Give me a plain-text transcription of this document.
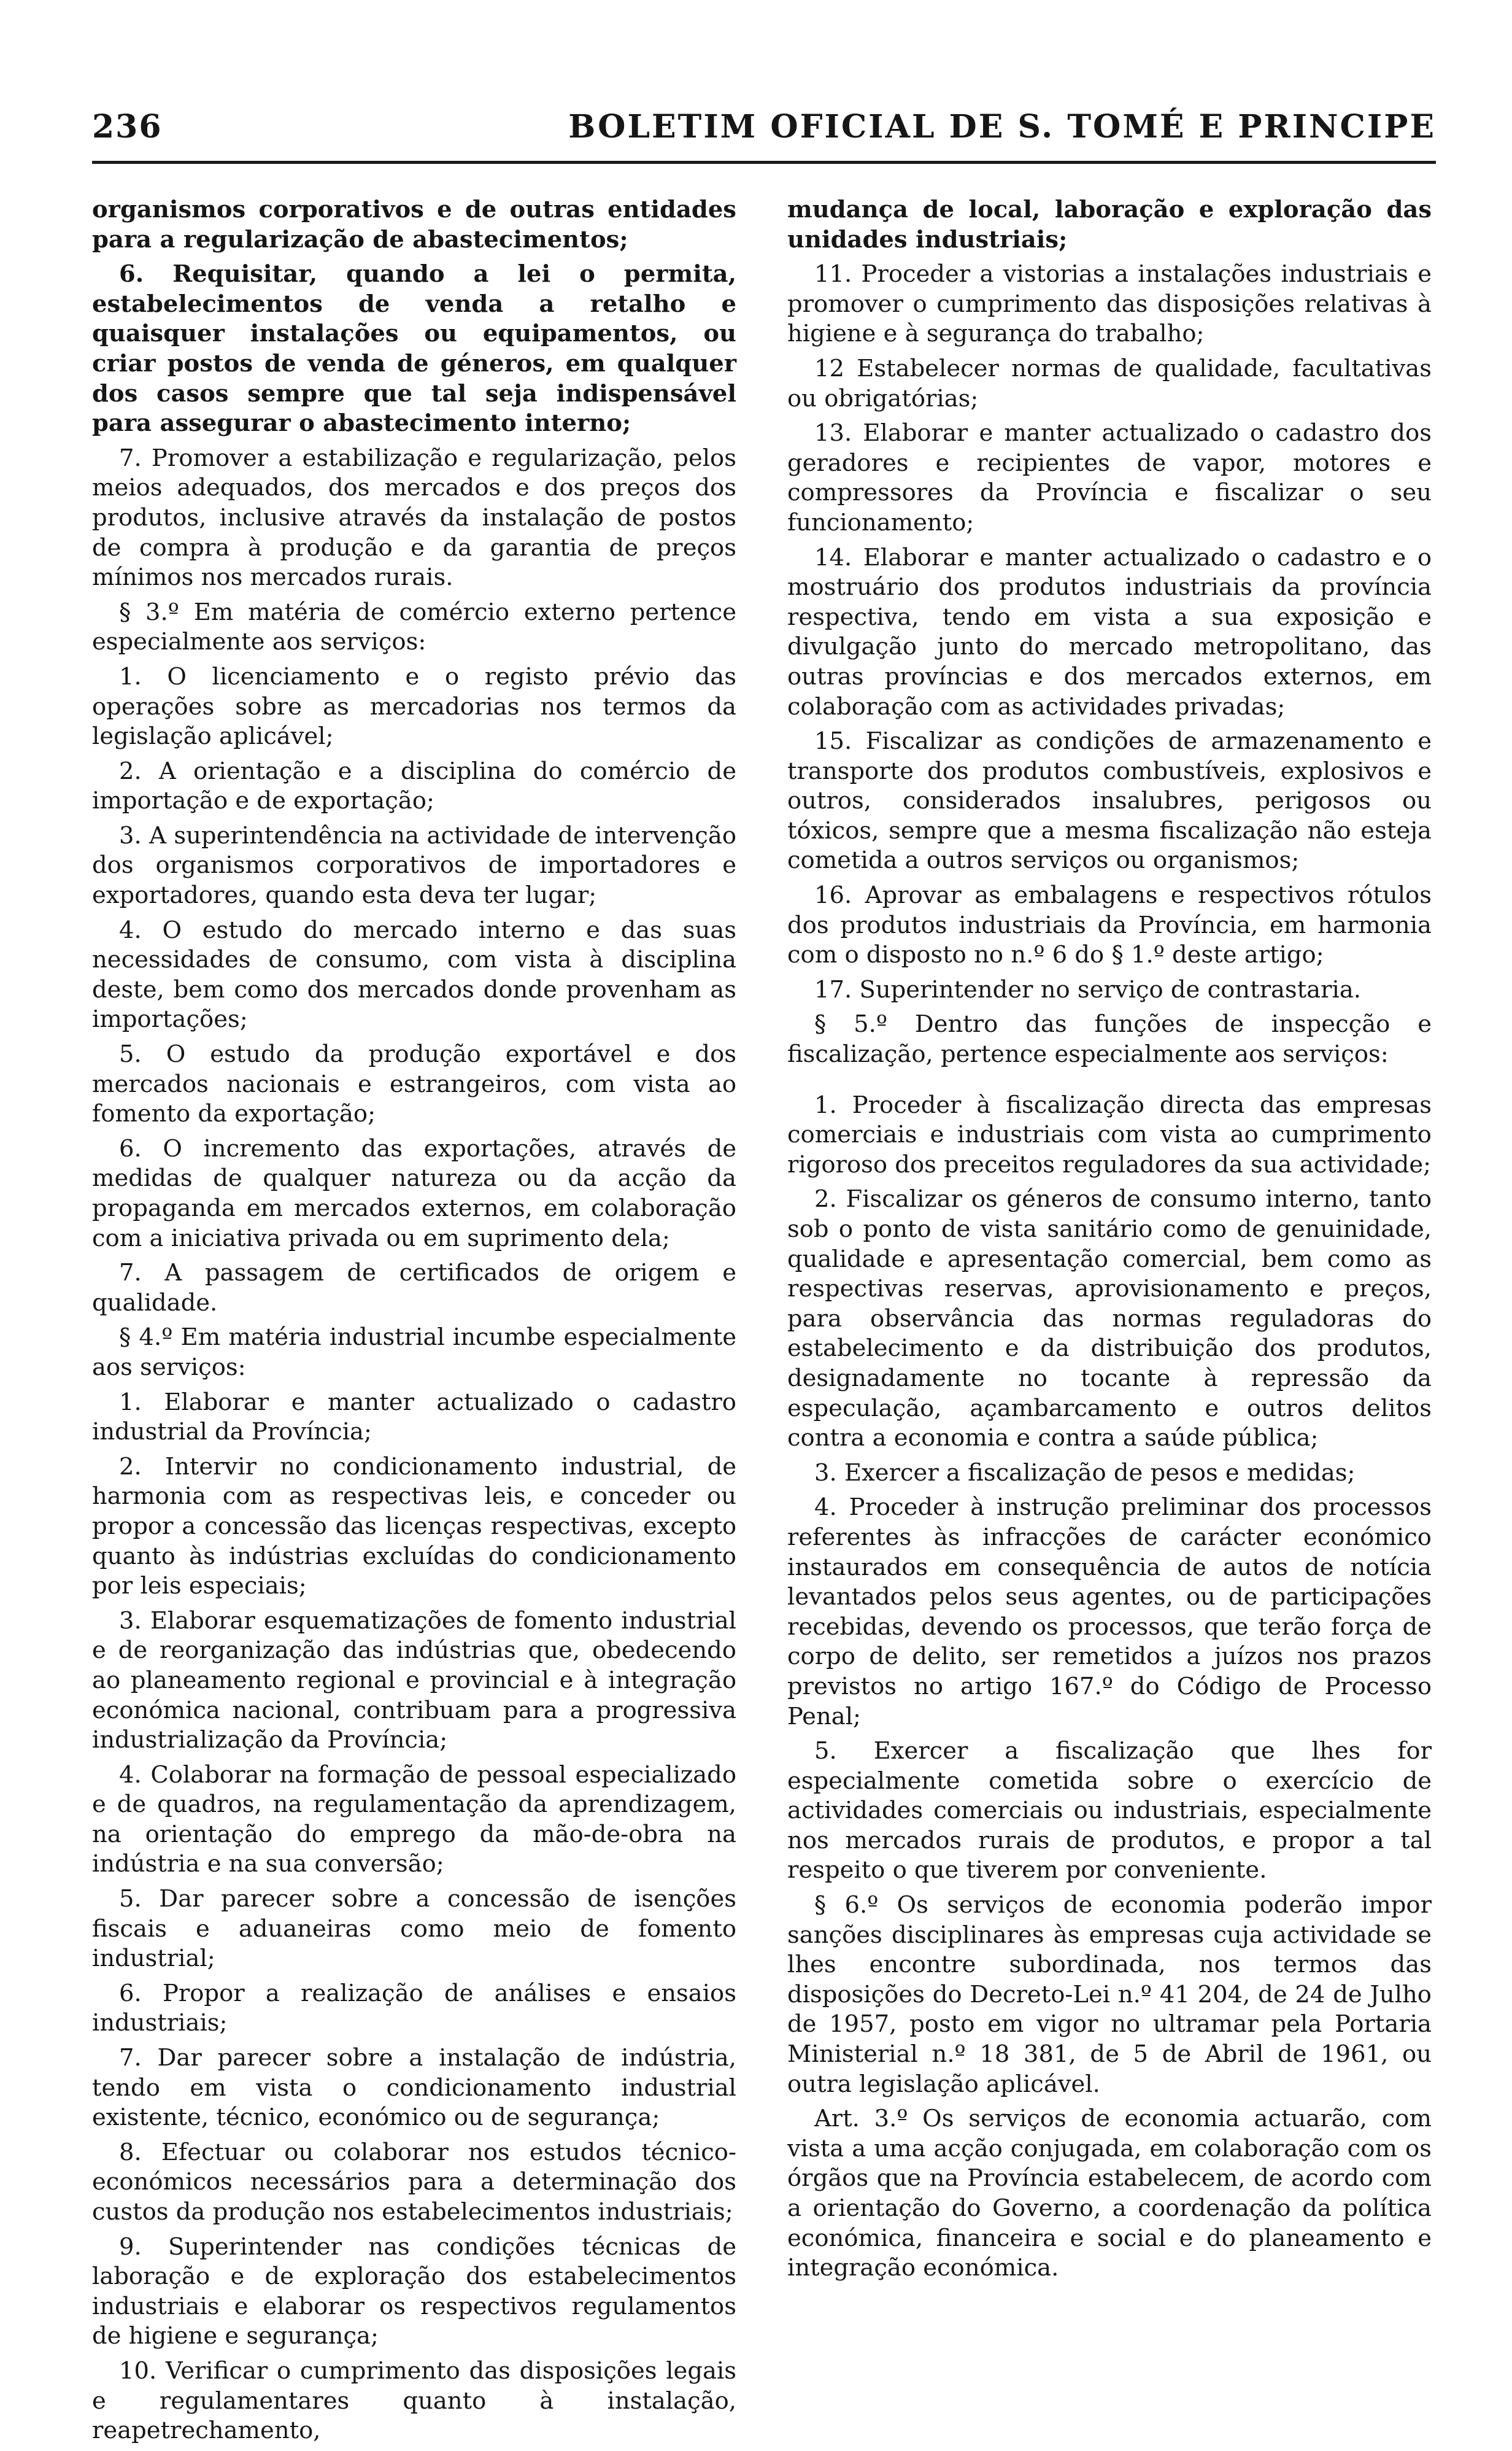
236	BOLETIM OFICIAL DE S. TOMÉ E PRINCIPE

organismos corporativos e de outras entidades para a regularização de abastecimentos;

6. Requisitar, quando a lei o permita, estabelecimentos de venda a retalho e quaisquer instalações ou equipamentos, ou criar postos de venda de géneros, em qualquer dos casos sempre que tal seja indispensável para assegurar o abastecimento interno;

7. Promover a estabilização e regularização, pelos meios adequados, dos mercados e dos preços dos produtos, inclusive através da instalação de postos de compra à produção e da garantia de preços mínimos nos mercados rurais.

§ 3.º Em matéria de comércio externo pertence especialmente aos serviços:

1. O licenciamento e o registo prévio das operações sobre as mercadorias nos termos da legislação aplicável;

2. A orientação e a disciplina do comércio de importação e de exportação;

3. A superintendência na actividade de intervenção dos organismos corporativos de importadores e exportadores, quando esta deva ter lugar;

4. O estudo do mercado interno e das suas necessidades de consumo, com vista à disciplina deste, bem como dos mercados donde provenham as importações;

5. O estudo da produção exportável e dos mercados nacionais e estrangeiros, com vista ao fomento da exportação;

6. O incremento das exportações, através de medidas de qualquer natureza ou da acção da propaganda em mercados externos, em colaboração com a iniciativa privada ou em suprimento dela;

7. A passagem de certificados de origem e qualidade.

§ 4.º Em matéria industrial incumbe especialmente aos serviços:

1. Elaborar e manter actualizado o cadastro industrial da Província;

2. Intervir no condicionamento industrial, de harmonia com as respectivas leis, e conceder ou propor a concessão das licenças respectivas, excepto quanto às indústrias excluídas do condicionamento por leis especiais;

3. Elaborar esquematizações de fomento industrial e de reorganização das indústrias que, obedecendo ao planeamento regional e provincial e à integração económica nacional, contribuam para a progressiva industrialização da Província;

4. Colaborar na formação de pessoal especializado e de quadros, na regulamentação da aprendizagem, na orientação do emprego da mão-de-obra na indústria e na sua conversão;

5. Dar parecer sobre a concessão de isenções fiscais e aduaneiras como meio de fomento industrial;

6. Propor a realização de análises e ensaios industriais;

7. Dar parecer sobre a instalação de indústria, tendo em vista o condicionamento industrial existente, técnico, económico ou de segurança;

8. Efectuar ou colaborar nos estudos técnico-económicos necessários para a determinação dos custos da produção nos estabelecimentos industriais;

9. Superintender nas condições técnicas de laboração e de exploração dos estabelecimentos industriais e elaborar os respectivos regulamentos de higiene e segurança;

10. Verificar o cumprimento das disposições legais e regulamentares quanto à instalação, reapetrechamento,

mudança de local, laboração e exploração das unidades industriais;

11. Proceder a vistorias a instalações industriais e promover o cumprimento das disposições relativas à higiene e à segurança do trabalho;

12 Estabelecer normas de qualidade, facultativas ou obrigatórias;

13. Elaborar e manter actualizado o cadastro dos geradores e recipientes de vapor, motores e compressores da Província e fiscalizar o seu funcionamento;

14. Elaborar e manter actualizado o cadastro e o mostruário dos produtos industriais da província respectiva, tendo em vista a sua exposição e divulgação junto do mercado metropolitano, das outras províncias e dos mercados externos, em colaboração com as actividades privadas;

15. Fiscalizar as condições de armazenamento e transporte dos produtos combustíveis, explosivos e outros, considerados insalubres, perigosos ou tóxicos, sempre que a mesma fiscalização não esteja cometida a outros serviços ou organismos;

16. Aprovar as embalagens e respectivos rótulos dos produtos industriais da Província, em harmonia com o disposto no n.º 6 do § 1.º deste artigo;

17. Superintender no serviço de contrastaria.

§ 5.º Dentro das funções de inspecção e fiscalização, pertence especialmente aos serviços:

1. Proceder à fiscalização directa das empresas comerciais e industriais com vista ao cumprimento rigoroso dos preceitos reguladores da sua actividade;

2. Fiscalizar os géneros de consumo interno, tanto sob o ponto de vista sanitário como de genuinidade, qualidade e apresentação comercial, bem como as respectivas reservas, aprovisionamento e preços, para observância das normas reguladoras do estabelecimento e da distribuição dos produtos, designadamente no tocante à repressão da especulação, açambarcamento e outros delitos contra a economia e contra a saúde pública;

3. Exercer a fiscalização de pesos e medidas;

4. Proceder à instrução preliminar dos processos referentes às infracções de carácter económico instaurados em consequência de autos de notícia levantados pelos seus agentes, ou de participações recebidas, devendo os processos, que terão força de corpo de delito, ser remetidos a juízos nos prazos previstos no artigo 167.º do Código de Processo Penal;

5. Exercer a fiscalização que lhes for especialmente cometida sobre o exercício de actividades comerciais ou industriais, especialmente nos mercados rurais de produtos, e propor a tal respeito o que tiverem por conveniente.

§ 6.º Os serviços de economia poderão impor sanções disciplinares às empresas cuja actividade se lhes encontre subordinada, nos termos das disposições do Decreto-Lei n.º 41 204, de 24 de Julho de 1957, posto em vigor no ultramar pela Portaria Ministerial n.º 18 381, de 5 de Abril de 1961, ou outra legislação aplicável.

Art. 3.º Os serviços de economia actuarão, com vista a uma acção conjugada, em colaboração com os órgãos que na Província estabelecem, de acordo com a orientação do Governo, a coordenação da política económica, financeira e social e do planeamento e integração económica.
